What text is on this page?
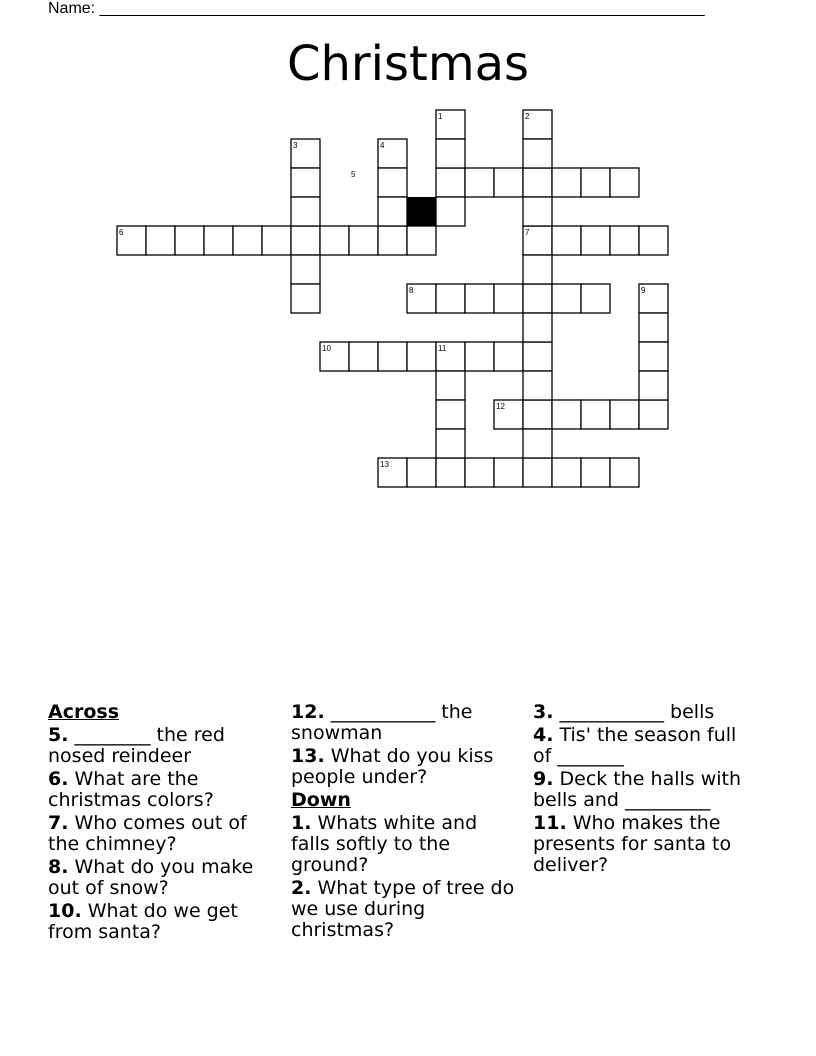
Name: ____________________________________________________________________
Christmas
1	2
3	4
5
6	7
8	9
10	11
12
13
Across
5. ________ the red nosed reindeer
6. What are the christmas colors?
7. Who comes out of the chimney?
8. What do you make out of snow?
10. What do we get from santa?
12. ___________ the snowman
13. What do you kiss people under?
Down
1. Whats white and falls softly to the ground?
2. What type of tree do we use during christmas?
3. ___________ bells
4. Tis' the season full of _______
9. Deck the halls with bells and _________
11. Who makes the presents for santa to deliver?
